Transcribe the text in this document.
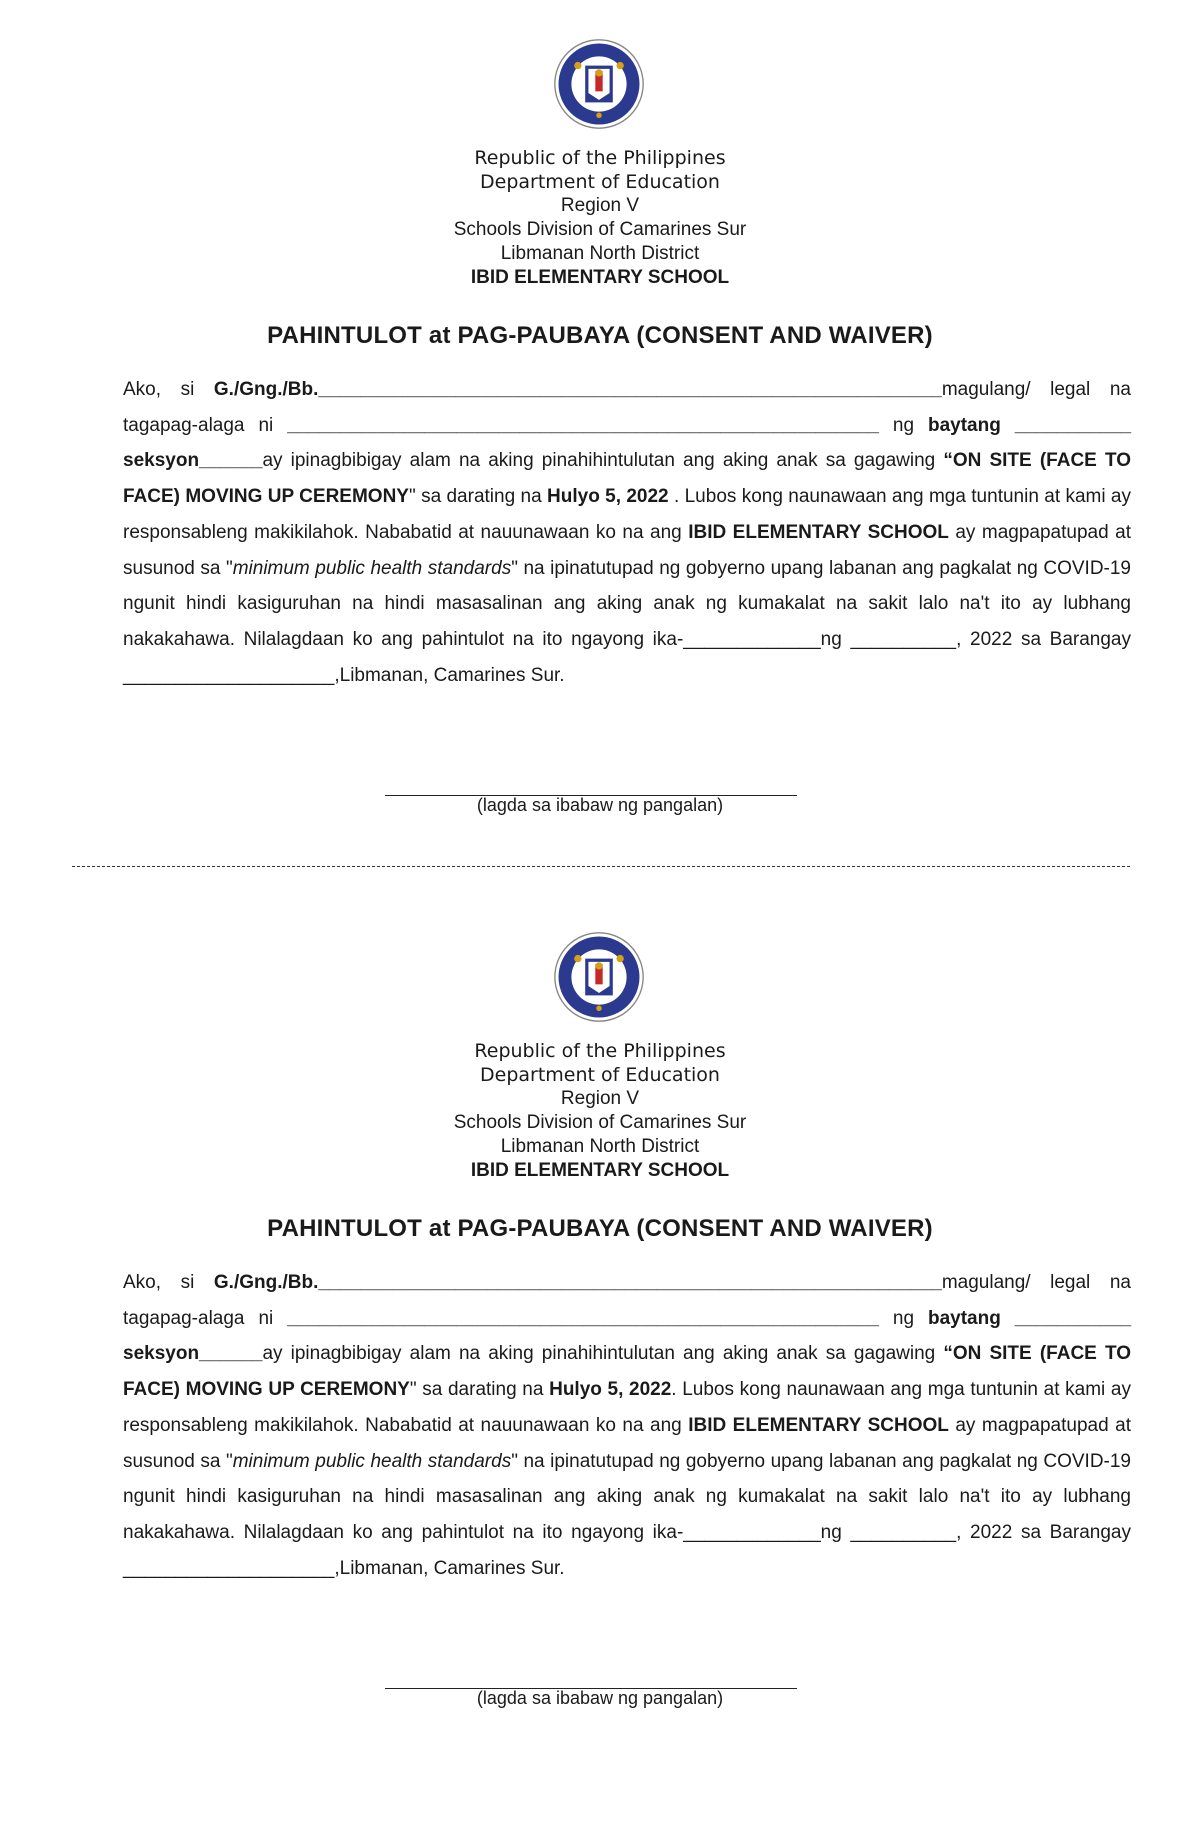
Republic of the Philippines
Department of Education
Region V
Schools Division of Camarines Sur
Libmanan North District
IBID ELEMENTARY SCHOOL
PAHINTULOT at PAG-PAUBAYA (CONSENT AND WAIVER)

Ako, si G./Gng./Bb.___________________________________________________________magulang/ legal na tagapag-alaga ni ________________________________________________________ ng baytang ___________ seksyon______ay ipinagbibigay alam na aking pinahihintulutan ang aking anak sa gagawing “ON SITE (FACE TO FACE) MOVING UP CEREMONY" sa darating na Hulyo 5, 2022 . Lubos kong naunawaan ang mga tuntunin at kami ay responsableng makikilahok. Nababatid at nauunawaan ko na ang IBID ELEMENTARY SCHOOL ay magpapatupad at susunod sa "minimum public health standards" na ipinatutupad ng gobyerno upang labanan ang pagkalat ng COVID-19 ngunit hindi kasiguruhan na hindi masasalinan ang aking anak ng kumakalat na sakit lalo na't ito ay lubhang nakakahawa. Nilalagdaan ko ang pahintulot na ito ngayong ika-_____________ng __________, 2022 sa Barangay ____________________,Libmanan, Camarines Sur.

(lagda sa ibabaw ng pangalan)
Republic of the Philippines
Department of Education
Region V
Schools Division of Camarines Sur
Libmanan North District
IBID ELEMENTARY SCHOOL
PAHINTULOT at PAG-PAUBAYA (CONSENT AND WAIVER)

Ako, si G./Gng./Bb.___________________________________________________________magulang/ legal na tagapag-alaga ni ________________________________________________________ ng baytang ___________ seksyon______ay ipinagbibigay alam na aking pinahihintulutan ang aking anak sa gagawing “ON SITE (FACE TO FACE) MOVING UP CEREMONY" sa darating na Hulyo 5, 2022. Lubos kong naunawaan ang mga tuntunin at kami ay responsableng makikilahok. Nababatid at nauunawaan ko na ang IBID ELEMENTARY SCHOOL ay magpapatupad at susunod sa "minimum public health standards" na ipinatutupad ng gobyerno upang labanan ang pagkalat ng COVID-19 ngunit hindi kasiguruhan na hindi masasalinan ang aking anak ng kumakalat na sakit lalo na't ito ay lubhang nakakahawa. Nilalagdaan ko ang pahintulot na ito ngayong ika-_____________ng __________, 2022 sa Barangay ____________________,Libmanan, Camarines Sur.

(lagda sa ibabaw ng pangalan)
